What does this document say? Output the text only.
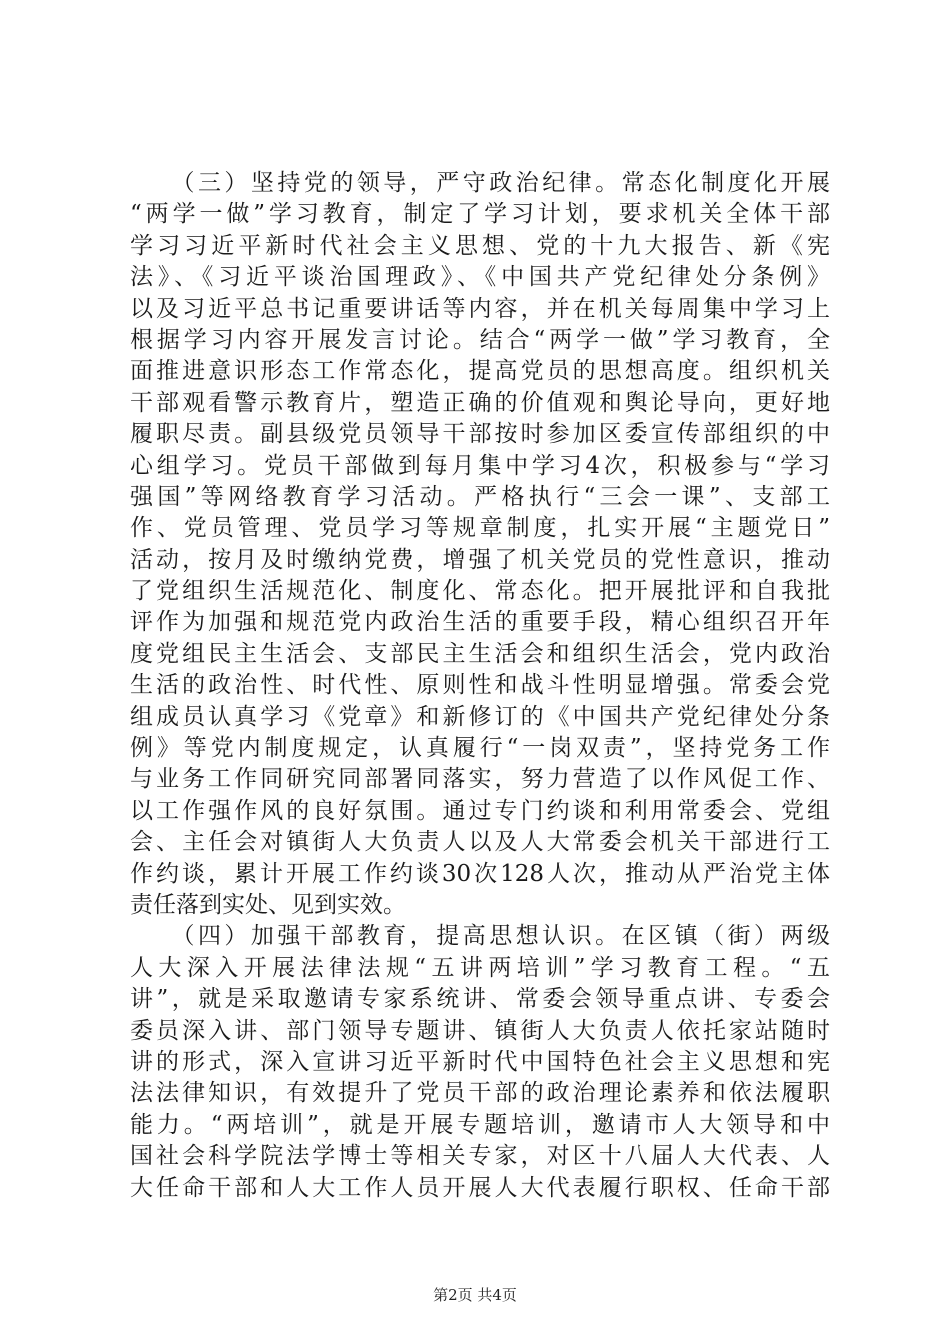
　　（三）坚持党的领导，严守政治纪律。常态化制度化开展
“两学一做”学习教育，制定了学习计划，要求机关全体干部
学习习近平新时代社会主义思想、党的十九大报告、新《宪
法》、《习近平谈治国理政》、《中国共产党纪律处分条例》
以及习近平总书记重要讲话等内容，并在机关每周集中学习上
根据学习内容开展发言讨论。结合“两学一做”学习教育，全
面推进意识形态工作常态化，提高党员的思想高度。组织机关
干部观看警示教育片，塑造正确的价值观和舆论导向，更好地
履职尽责。副县级党员领导干部按时参加区委宣传部组织的中
心组学习。党员干部做到每月集中学习4次，积极参与“学习
强国”等网络教育学习活动。严格执行“三会一课”、支部工
作、党员管理、党员学习等规章制度，扎实开展“主题党日”
活动，按月及时缴纳党费，增强了机关党员的党性意识，推动
了党组织生活规范化、制度化、常态化。把开展批评和自我批
评作为加强和规范党内政治生活的重要手段，精心组织召开年
度党组民主生活会、支部民主生活会和组织生活会，党内政治
生活的政治性、时代性、原则性和战斗性明显增强。常委会党
组成员认真学习《党章》和新修订的《中国共产党纪律处分条
例》等党内制度规定，认真履行“一岗双责”，坚持党务工作
与业务工作同研究同部署同落实，努力营造了以作风促工作、
以工作强作风的良好氛围。通过专门约谈和利用常委会、党组
会、主任会对镇街人大负责人以及人大常委会机关干部进行工
作约谈，累计开展工作约谈30次128人次，推动从严治党主体
责任落到实处、见到实效。
　　（四）加强干部教育，提高思想认识。在区镇（街）两级
人大深入开展法律法规“五讲两培训”学习教育工程。“五
讲”，就是采取邀请专家系统讲、常委会领导重点讲、专委会
委员深入讲、部门领导专题讲、镇街人大负责人依托家站随时
讲的形式，深入宣讲习近平新时代中国特色社会主义思想和宪
法法律知识，有效提升了党员干部的政治理论素养和依法履职
能力。“两培训”，就是开展专题培训，邀请市人大领导和中
国社会科学院法学博士等相关专家，对区十八届人大代表、人
大任命干部和人大工作人员开展人大代表履行职权、任命干部
第2页 共4页
